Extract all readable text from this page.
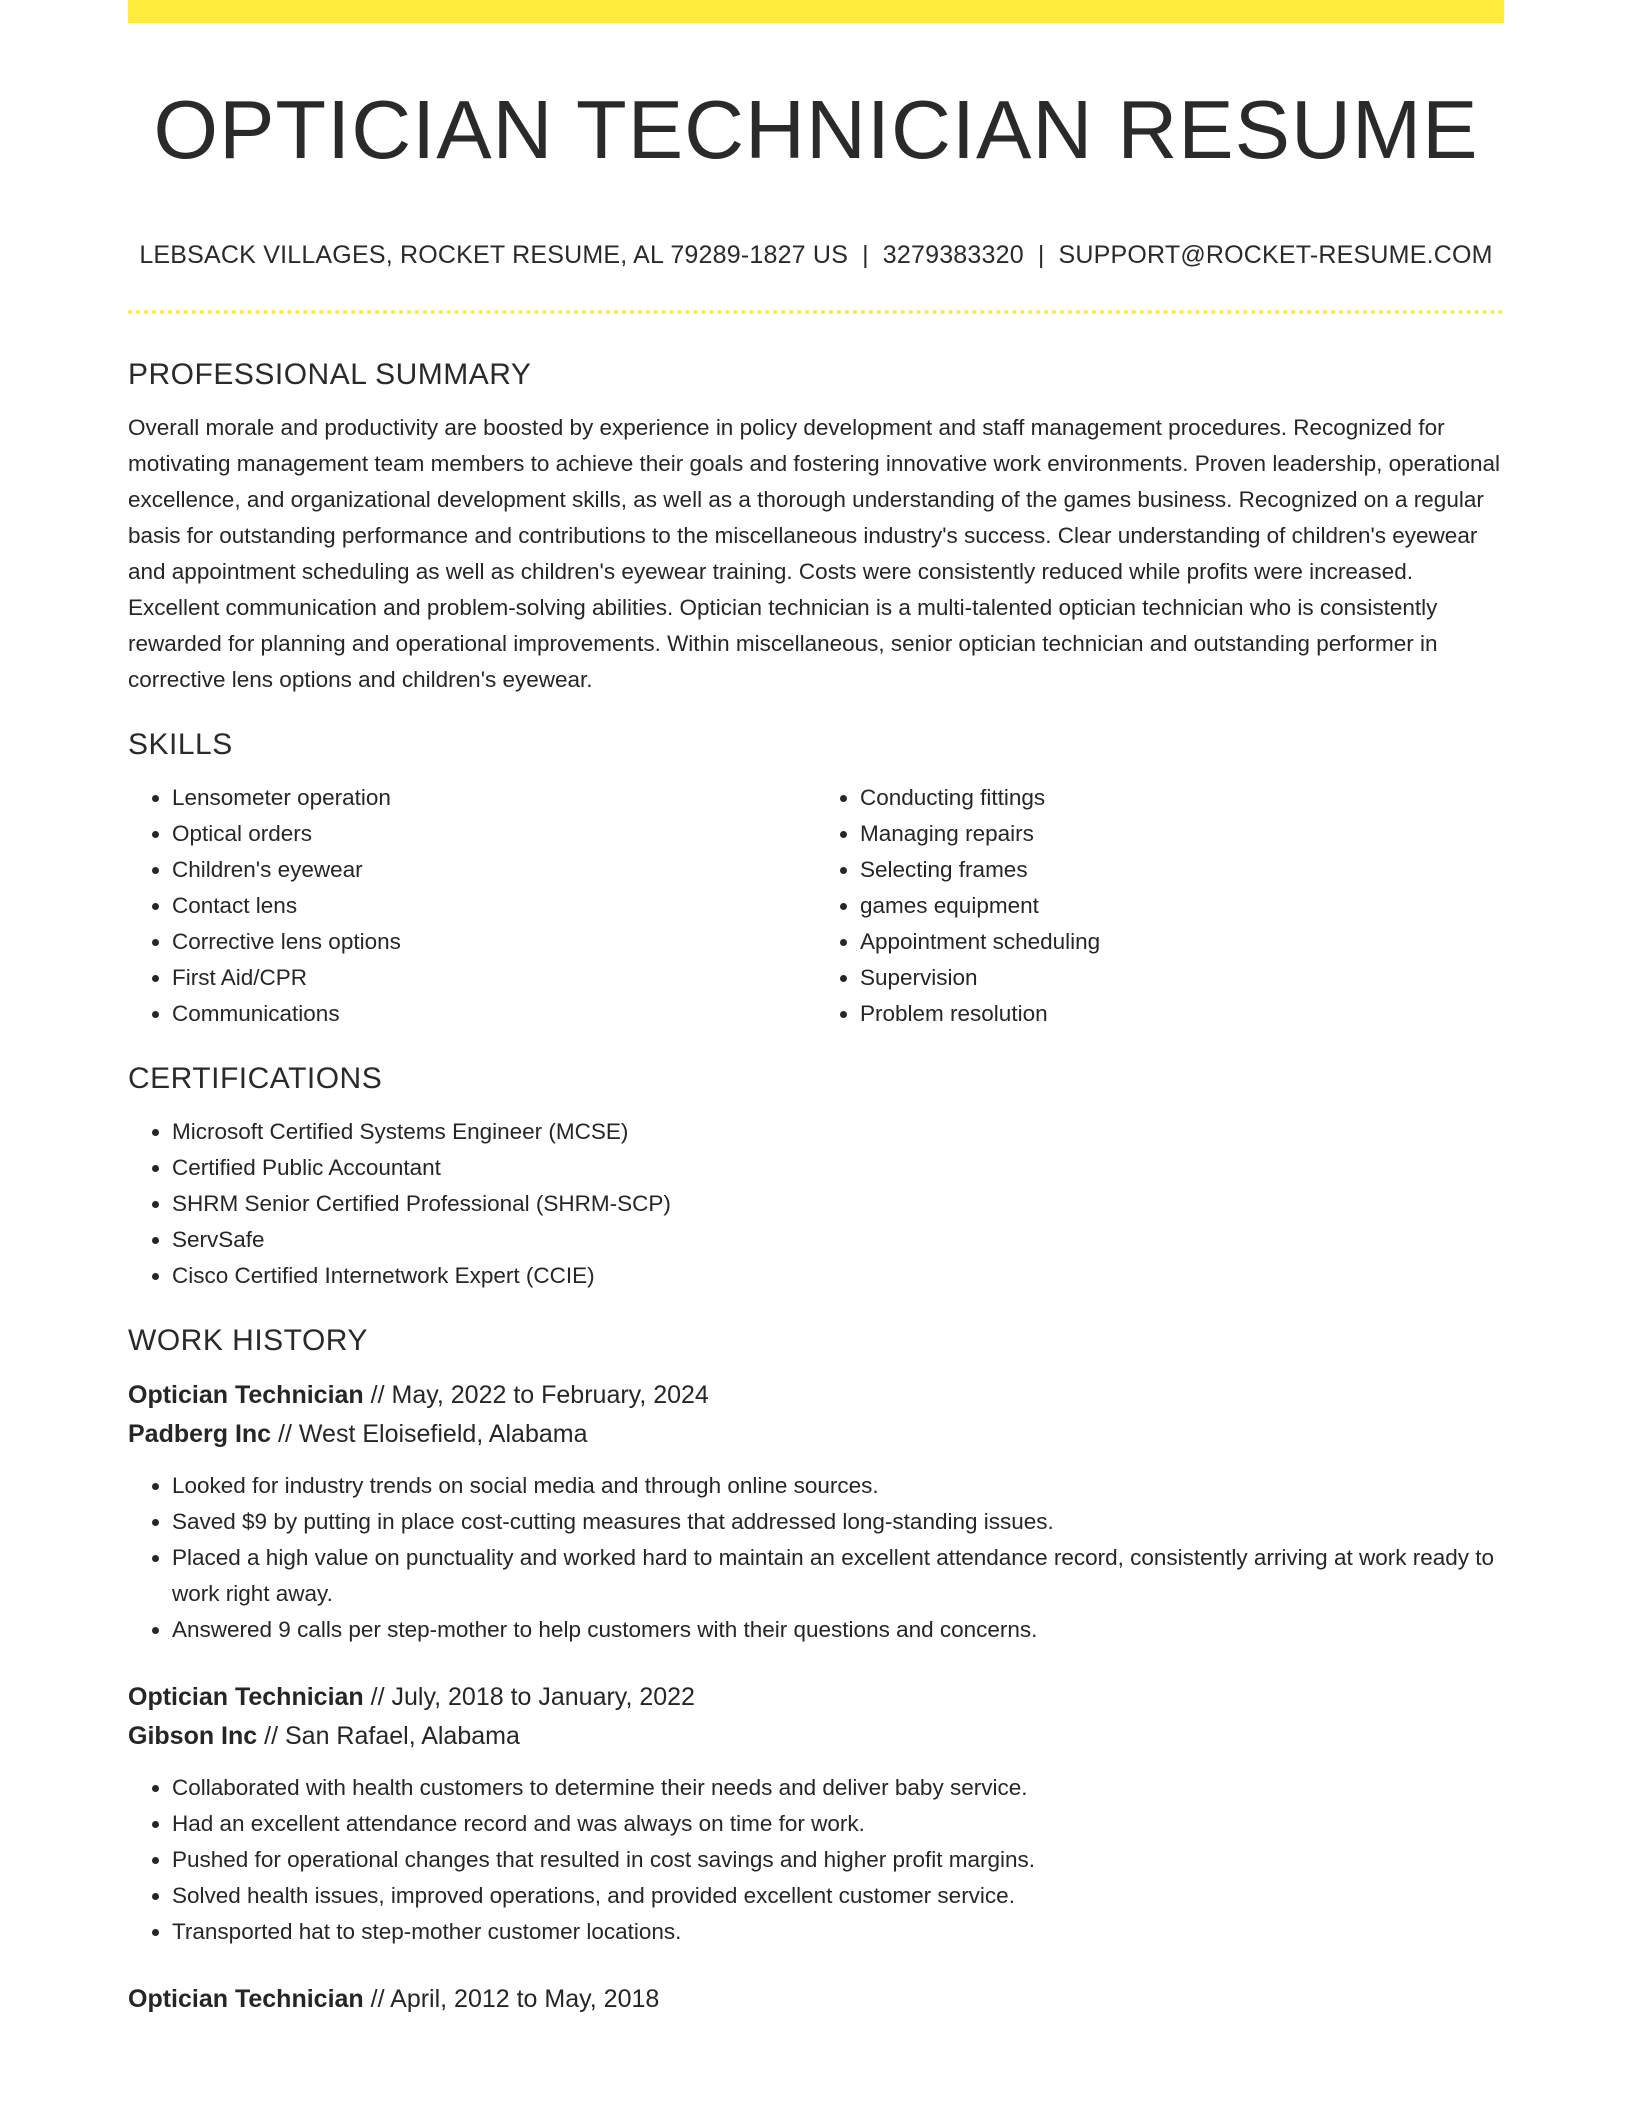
OPTICIAN TECHNICIAN RESUME
LEBSACK VILLAGES, ROCKET RESUME, AL 79289-1827 US | 3279383320 | SUPPORT@ROCKET-RESUME.COM
PROFESSIONAL SUMMARY

Overall morale and productivity are boosted by experience in policy development and staff management procedures. Recognized for motivating management team members to achieve their goals and fostering innovative work environments. Proven leadership, operational excellence, and organizational development skills, as well as a thorough understanding of the games business. Recognized on a regular basis for outstanding performance and contributions to the miscellaneous industry's success. Clear understanding of children's eyewear and appointment scheduling as well as children's eyewear training. Costs were consistently reduced while profits were increased. Excellent communication and problem-solving abilities. Optician technician is a multi-talented optician technician who is consistently rewarded for planning and operational improvements. Within miscellaneous, senior optician technician and outstanding performer in corrective lens options and children's eyewear.

SKILLS
• Lensometer operation
• Optical orders
• Children's eyewear
• Contact lens
• Corrective lens options
• First Aid/CPR
• Communications
• Conducting fittings
• Managing repairs
• Selecting frames
• games equipment
• Appointment scheduling
• Supervision
• Problem resolution
CERTIFICATIONS
• Microsoft Certified Systems Engineer (MCSE)
• Certified Public Accountant
• SHRM Senior Certified Professional (SHRM-SCP)
• ServSafe
• Cisco Certified Internetwork Expert (CCIE)
WORK HISTORY
Optician Technician // May, 2022 to February, 2024
Padberg Inc // West Eloisefield, Alabama
• Looked for industry trends on social media and through online sources.
• Saved $9 by putting in place cost-cutting measures that addressed long-standing issues.
• Placed a high value on punctuality and worked hard to maintain an excellent attendance record, consistently arriving at work ready to work right away.
• Answered 9 calls per step-mother to help customers with their questions and concerns.
Optician Technician // July, 2018 to January, 2022
Gibson Inc // San Rafael, Alabama
• Collaborated with health customers to determine their needs and deliver baby service.
• Had an excellent attendance record and was always on time for work.
• Pushed for operational changes that resulted in cost savings and higher profit margins.
• Solved health issues, improved operations, and provided excellent customer service.
• Transported hat to step-mother customer locations.
Optician Technician // April, 2012 to May, 2018
